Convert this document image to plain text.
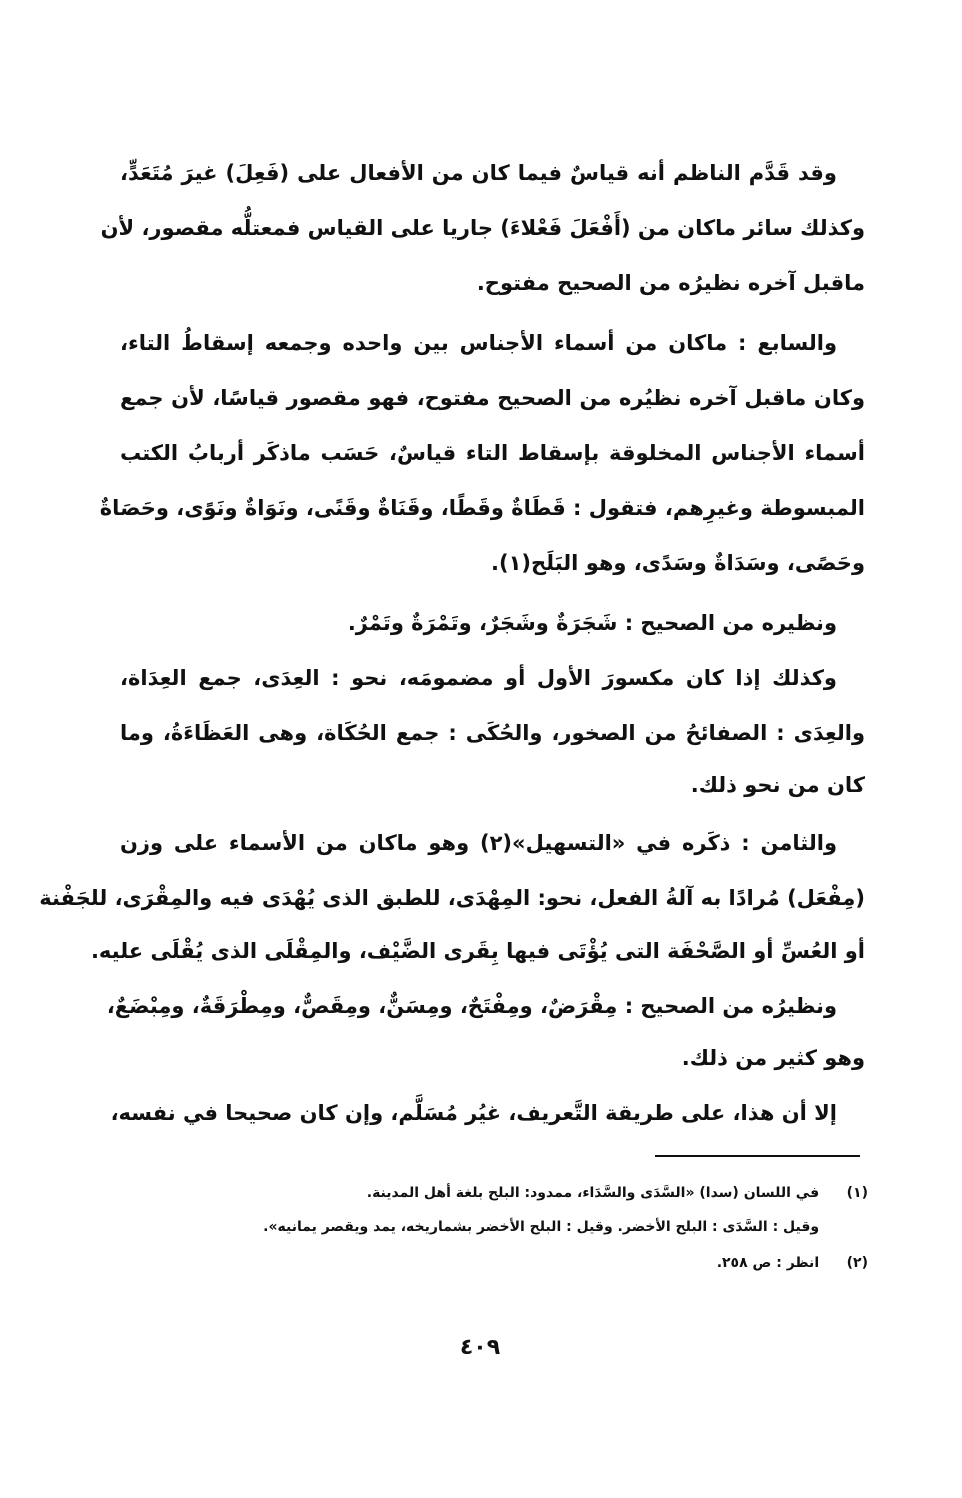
وقد قَدَّم الناظم أنه قياسٌ فيما كان من الأفعال على (فَعِلَ) غيرَ مُتَعَدٍّ،
وكذلك سائر ماكان من (أَفْعَلَ فَعْلاءَ) جاريا على القياس فمعتلُّه مقصور، لأن
ماقبل آخره نظيرُه من الصحيح مفتوح.
والسابع : ماكان من أسماء الأجناس بين واحده وجمعه إسقاطُ التاء،
وكان ماقبل آخره نظيُره من الصحيح مفتوح، فهو مقصور قياسًا، لأن جمع
أسماء الأجناس المخلوقة بإسقاط التاء قياسٌ، حَسَب ماذكَر أربابُ الكتب
المبسوطة وغيرِهم، فتقول : قَطَاةٌ وقَطًا، وقَنَاةٌ وقَنًى، ونَوَاةٌ ونَوًى، وحَصَاةٌ
وحَصًى، وسَدَاةٌ وسَدًى، وهو البَلَح(١).
ونظيره من الصحيح : شَجَرَةٌ وشَجَرٌ، وتَمْرَةٌ وتَمْرٌ.
وكذلك إذا كان مكسورَ الأول أو مضمومَه، نحو : العِدَى، جمع العِدَاة،
والعِدَى : الصفائحُ من الصخور، والحُكَى : جمع الحُكَاة، وهى العَظَاءَةُ، وما
كان من نحو ذلك.
والثامن : ذكَره في «التسهيل»(٢) وهو ماكان من الأسماء على وزن
(مِفْعَل) مُرادًا به آلةُ الفعل، نحو: المِهْدَى، للطبق الذى يُهْدَى فيه والمِقْرَى، للجَفْنة
أو العُسِّ أو الصَّحْفَة التى يُؤْتَى فيها بِقَرى الضَّيْف، والمِقْلَى الذى يُقْلَى عليه.
ونظيرُه من الصحيح : مِقْرَضٌ، ومِفْتَحٌ، ومِسَنٌّ، ومِقَصٌّ، ومِطْرَقَةٌ، ومِبْضَعٌ،
وهو كثير من ذلك.
إلا أن هذا، على طريقة التَّعريف، غيُر مُسَلَّم، وإن كان صحيحا في نفسه،
(١) في اللسان (سدا) «السَّدَى والسَّدَاء، ممدود: البلح بلغة أهل المدينة.
وقيل : السَّدَى : البلح الأخضر. وقيل : البلح الأخضر بشماريخه، يمد ويقصر يمانيه».
(٢) انظر : ص ٢٥٨.
٤٠٩
